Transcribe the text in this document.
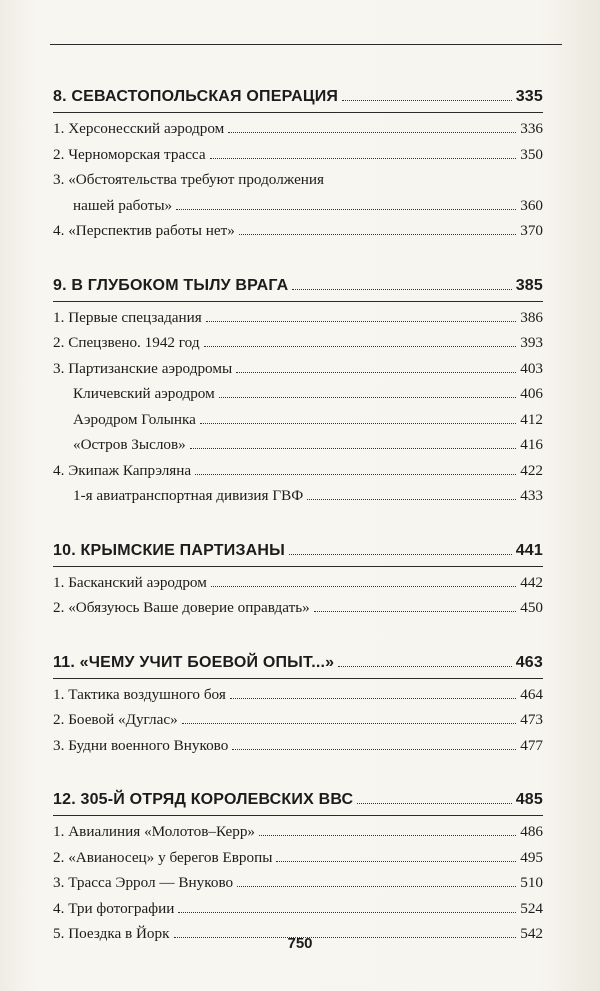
8. СЕВАСТОПОЛЬСКАЯ ОПЕРАЦИЯ	335
1. Херсонесский аэродром	336
2. Черноморская трасса	350
3. «Обстоятельства требуют продолжения
нашей работы»	360
4. «Перспектив работы нет»	370
9. В ГЛУБОКОМ ТЫЛУ ВРАГА	385
1. Первые спецзадания	386
2. Спецзвено. 1942 год	393
3. Партизанские аэродромы	403
Кличевский аэродром	406
Аэродром Голынка	412
«Остров Зыслов»	416
4. Экипаж Капрэляна	422
1-я авиатранспортная дивизия ГВФ	433
10. КРЫМСКИЕ ПАРТИЗАНЫ	441
1. Басканский аэродром	442
2. «Обязуюсь Ваше доверие оправдать»	450
11. «ЧЕМУ УЧИТ БОЕВОЙ ОПЫТ...»	463
1. Тактика воздушного боя	464
2. Боевой «Дуглас»	473
3. Будни военного Внуково	477
12. 305-Й ОТРЯД КОРОЛЕВСКИХ ВВС	485
1. Авиалиния «Молотов–Керр»	486
2. «Авианосец» у берегов Европы	495
3. Трасса Эррол — Внуково	510
4. Три фотографии	524
5. Поездка в Йорк	542
750
